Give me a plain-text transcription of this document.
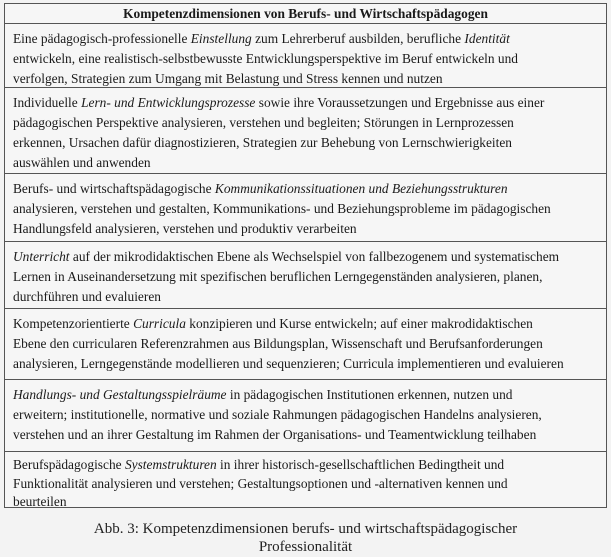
Kompetenzdimensionen von Berufs- und Wirtschaftspädagogen
Eine pädagogisch-professionelle Einstellung zum Lehrerberuf ausbilden, berufliche Identität
entwickeln, eine realistisch-selbstbewusste Entwicklungsperspektive im Beruf entwickeln und
verfolgen, Strategien zum Umgang mit Belastung und Stress kennen und nutzen
Individuelle Lern- und Entwicklungsprozesse sowie ihre Voraussetzungen und Ergebnisse aus einer
pädagogischen Perspektive analysieren, verstehen und begleiten; Störungen in Lernprozessen
erkennen, Ursachen dafür diagnostizieren, Strategien zur Behebung von Lernschwierigkeiten
auswählen und anwenden
Berufs- und wirtschaftspädagogische Kommunikationssituationen und Beziehungsstrukturen
analysieren, verstehen und gestalten, Kommunikations- und Beziehungsprobleme im pädagogischen
Handlungsfeld analysieren, verstehen und produktiv verarbeiten
Unterricht auf der mikrodidaktischen Ebene als Wechselspiel von fallbezogenem und systematischem
Lernen in Auseinandersetzung mit spezifischen beruflichen Lerngegenständen analysieren, planen,
durchführen und evaluieren
Kompetenzorientierte Curricula konzipieren und Kurse entwickeln; auf einer makrodidaktischen
Ebene den curricularen Referenzrahmen aus Bildungsplan, Wissenschaft und Berufsanforderungen
analysieren, Lerngegenstände modellieren und sequenzieren; Curricula implementieren und evaluieren
Handlungs- und Gestaltungsspielräume in pädagogischen Institutionen erkennen, nutzen und
erweitern; institutionelle, normative und soziale Rahmungen pädagogischen Handelns analysieren,
verstehen und an ihrer Gestaltung im Rahmen der Organisations- und Teamentwicklung teilhaben
Berufspädagogische Systemstrukturen in ihrer historisch-gesellschaftlichen Bedingtheit und
Funktionalität analysieren und verstehen; Gestaltungsoptionen und -alternativen kennen und
beurteilen
Abb. 3: Kompetenzdimensionen berufs- und wirtschaftspädagogischer
Professionalität
